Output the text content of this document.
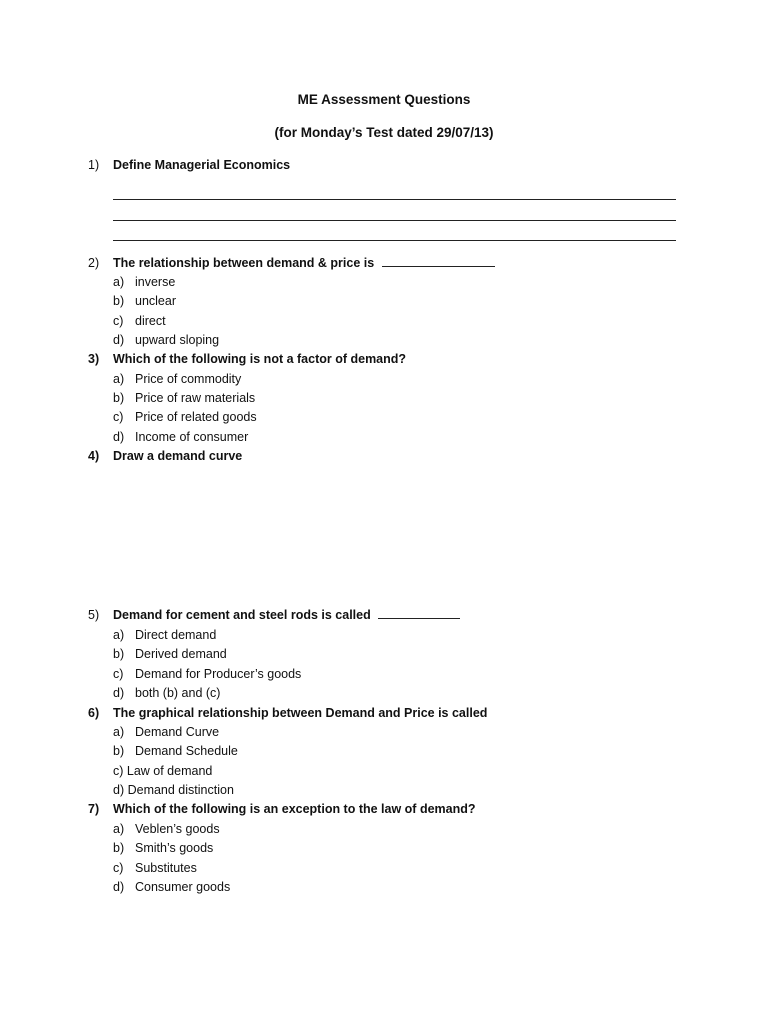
ME Assessment Questions
(for Monday’s Test dated 29/07/13)
1) Define Managerial Economics
2) The relationship between demand & price is
a) inverse
b) unclear
c) direct
d) upward sloping
3) Which of the following is not a factor of demand?
a) Price of commodity
b) Price of raw materials
c) Price of related goods
d) Income of consumer
4) Draw a demand curve
5) Demand for cement and steel rods is called
a) Direct demand
b) Derived demand
c) Demand for Producer’s goods
d) both (b) and (c)
6) The graphical relationship between Demand and Price is called
a) Demand Curve
b) Demand Schedule
c) Law of demand
d) Demand distinction
7) Which of the following is an exception to the law of demand?
a) Veblen’s goods
b) Smith’s goods
c) Substitutes
d) Consumer goods
